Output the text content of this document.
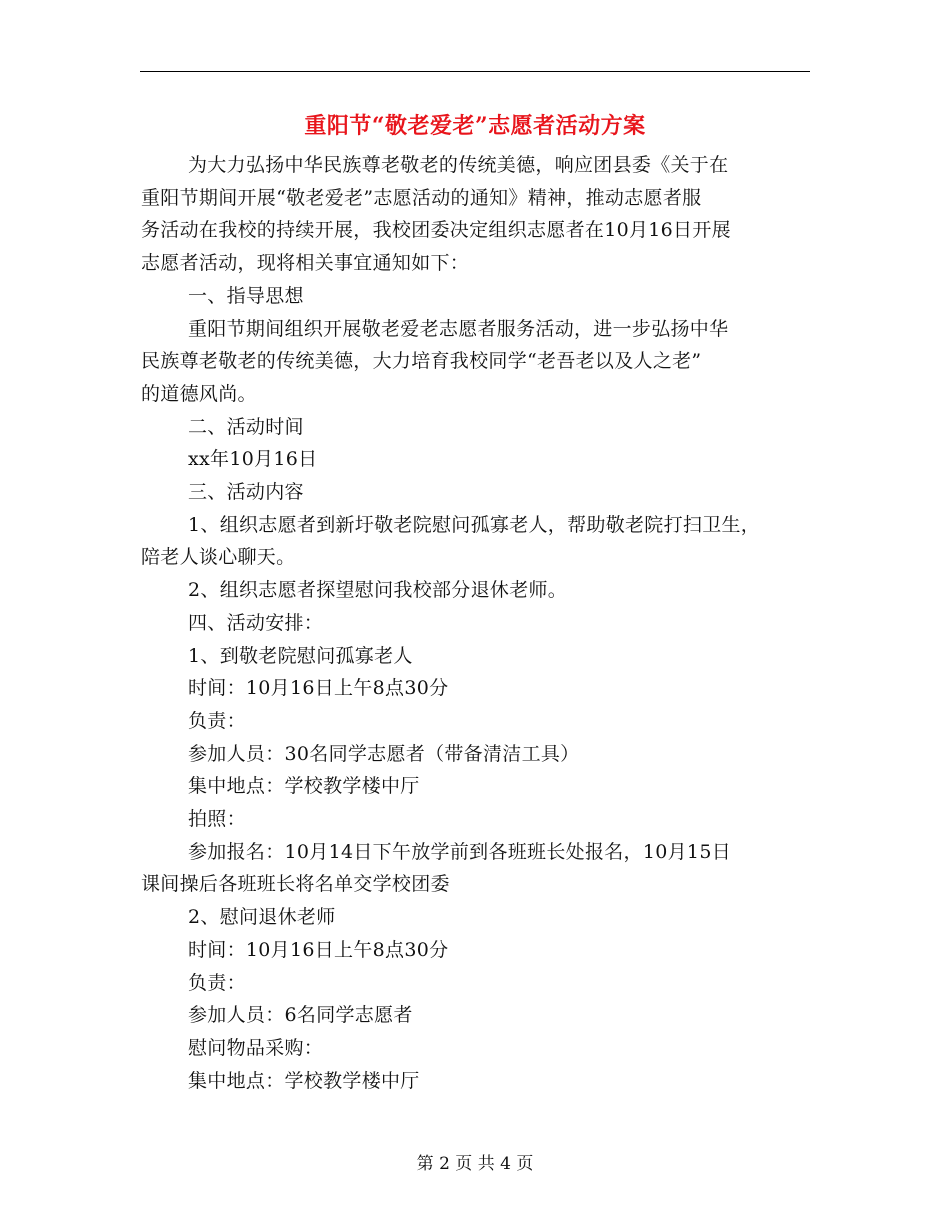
重阳节“敬老爱老”志愿者活动方案

为大力弘扬中华民族尊老敬老的传统美德，响应团县委《关于在
重阳节期间开展“敬老爱老”志愿活动的通知》精神，推动志愿者服
务活动在我校的持续开展，我校团委决定组织志愿者在10月16日开展
志愿者活动，现将相关事宜通知如下：

一、指导思想

重阳节期间组织开展敬老爱老志愿者服务活动，进一步弘扬中华
民族尊老敬老的传统美德，大力培育我校同学“老吾老以及人之老”
的道德风尚。

二、活动时间

xx年10月16日

三、活动内容

1、组织志愿者到新圩敬老院慰问孤寡老人，帮助敬老院打扫卫生，
陪老人谈心聊天。

2、组织志愿者探望慰问我校部分退休老师。

四、活动安排：

1、到敬老院慰问孤寡老人

时间：10月16日上午8点30分

负责：

参加人员：30名同学志愿者（带备清洁工具）

集中地点：学校教学楼中厅

拍照：

参加报名：10月14日下午放学前到各班班长处报名，10月15日
课间操后各班班长将名单交学校团委

2、慰问退休老师

时间：10月16日上午8点30分

负责：

参加人员：6名同学志愿者

慰问物品采购：

集中地点：学校教学楼中厅

第 2 页 共 4 页
